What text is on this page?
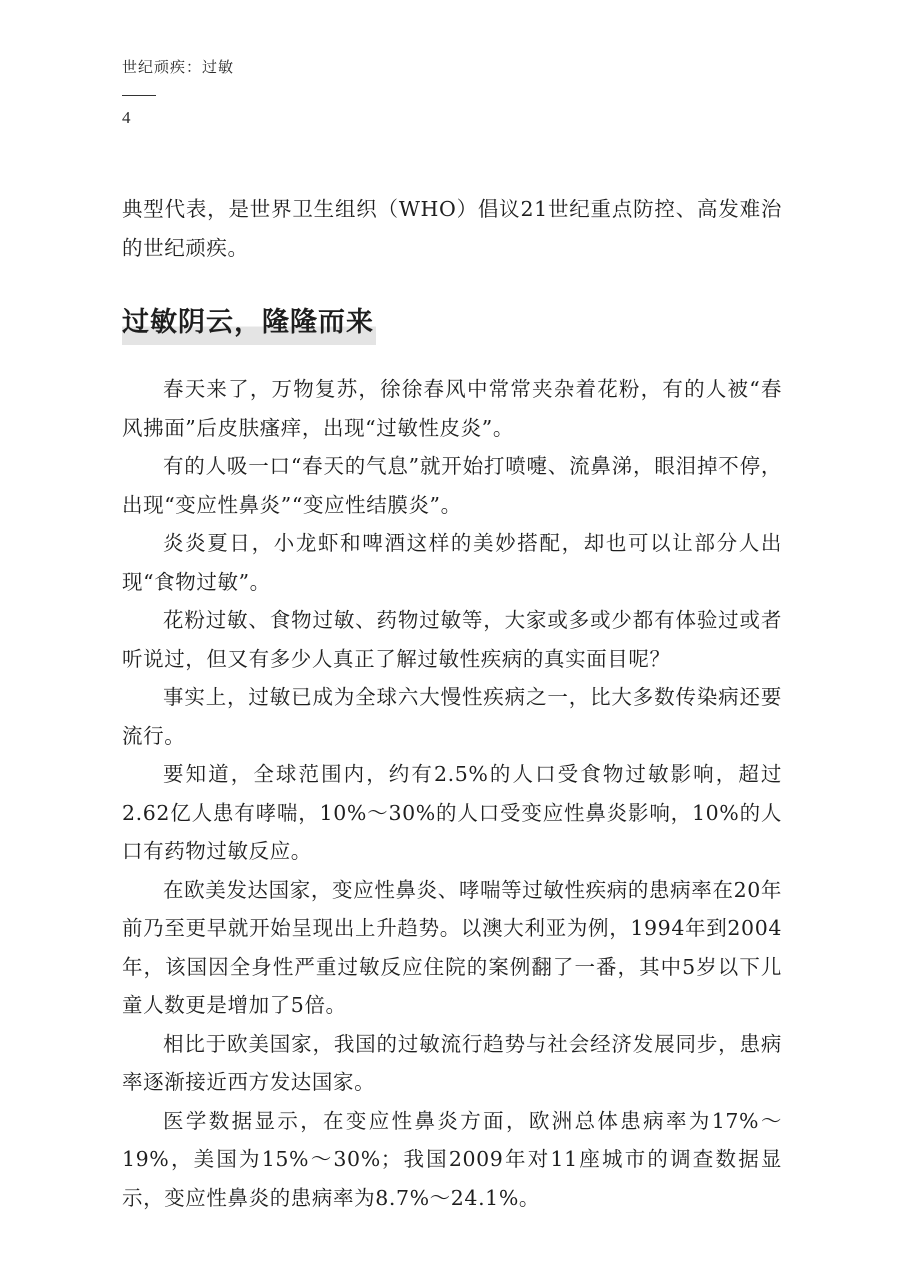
世纪顽疾：过敏
4

典型代表，是世界卫生组织（WHO）倡议21世纪重点防控、高发难治的世纪顽疾。

过敏阴云，隆隆而来

春天来了，万物复苏，徐徐春风中常常夹杂着花粉，有的人被“春风拂面”后皮肤瘙痒，出现“过敏性皮炎”。

有的人吸一口“春天的气息”就开始打喷嚏、流鼻涕，眼泪掉不停，出现“变应性鼻炎”“变应性结膜炎”。

炎炎夏日，小龙虾和啤酒这样的美妙搭配，却也可以让部分人出现“食物过敏”。

花粉过敏、食物过敏、药物过敏等，大家或多或少都有体验过或者听说过，但又有多少人真正了解过敏性疾病的真实面目呢？

事实上，过敏已成为全球六大慢性疾病之一，比大多数传染病还要流行。

要知道，全球范围内，约有2.5%的人口受食物过敏影响，超过2.62亿人患有哮喘，10%～30%的人口受变应性鼻炎影响，10%的人口有药物过敏反应。

在欧美发达国家，变应性鼻炎、哮喘等过敏性疾病的患病率在20年前乃至更早就开始呈现出上升趋势。以澳大利亚为例，1994年到2004年，该国因全身性严重过敏反应住院的案例翻了一番，其中5岁以下儿童人数更是增加了5倍。

相比于欧美国家，我国的过敏流行趋势与社会经济发展同步，患病率逐渐接近西方发达国家。

医学数据显示，在变应性鼻炎方面，欧洲总体患病率为17%～19%，美国为15%～30%；我国2009年对11座城市的调查数据显示，变应性鼻炎的患病率为8.7%～24.1%。
